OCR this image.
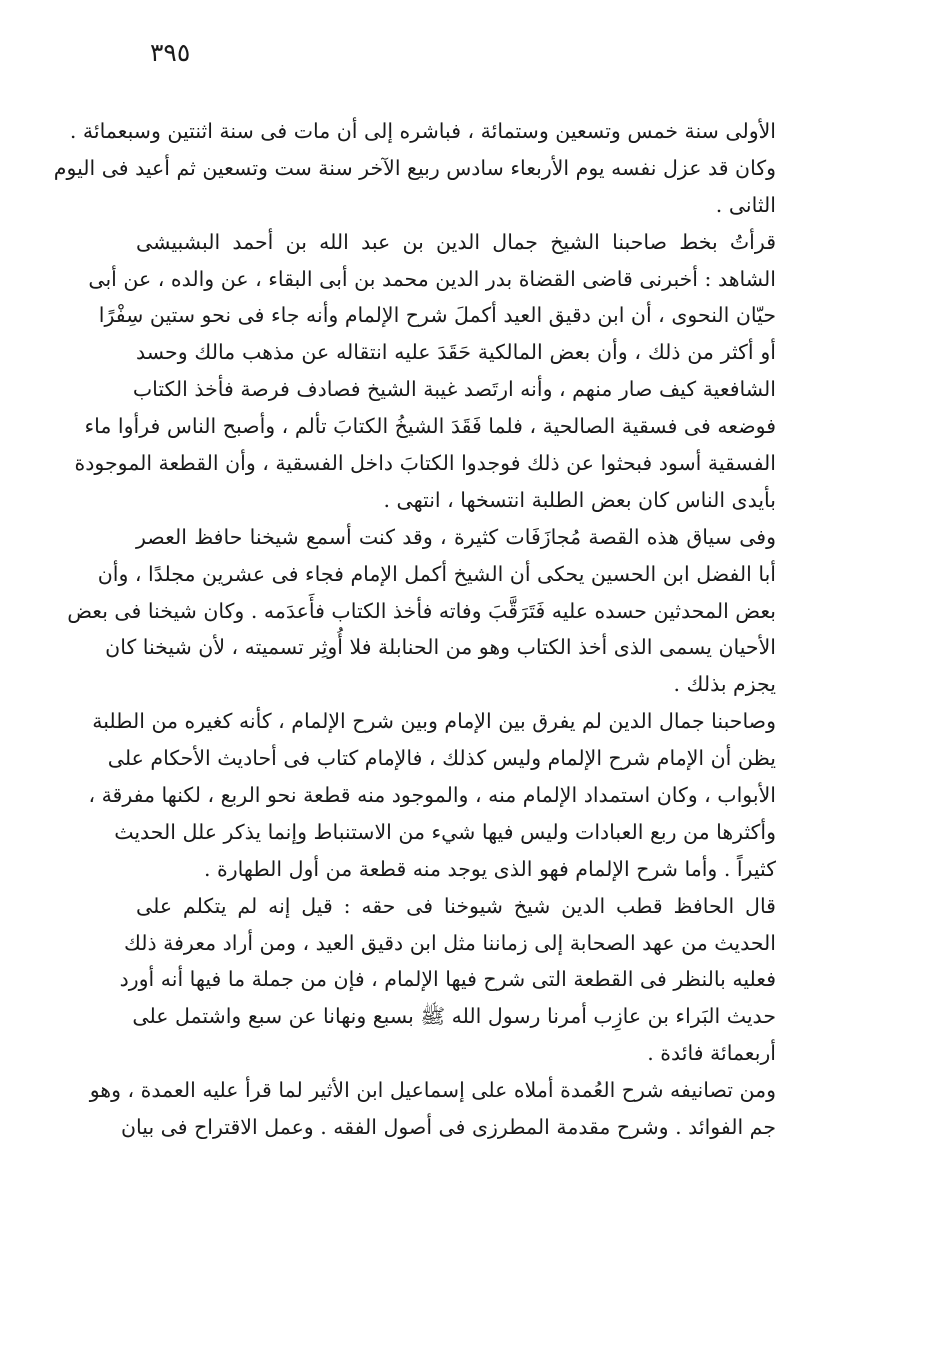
٣٩٥
الأولى سنة خمس وتسعين وستمائة ، فباشره إلى أن مات فى سنة اثنتين وسبعمائة .
وكان قد عزل نفسه يوم الأربعاء سادس ربيع الآخر سنة ست وتسعين ثم أعيد فى اليوم
الثانى .
قرأتُ بخط صاحبنا الشيخ جمال الدين بن عبد الله بن أحمد البشبيشى
الشاهد : أخبرنى قاضى القضاة بدر الدين محمد بن أبى البقاء ، عن والده ، عن أبى
حيّان النحوى ، أن ابن دقيق العيد أكملَ شرح الإلمام وأنه جاء فى نحو ستين سِفْرًا
أو أكثر من ذلك ، وأن بعض المالكية حَقَدَ عليه انتقاله عن مذهب مالك وحسد
الشافعية كيف صار منهم ، وأنه ارتَصد غيبة الشيخ فصادف فرصة فأخذ الكتاب
فوضعه فى فسقية الصالحية ، فلما فَقَدَ الشيخُ الكتابَ تألم ، وأصبح الناس فرأوا ماء
الفسقية أسود فبحثوا عن ذلك فوجدوا الكتابَ داخل الفسقية ، وأن القطعة الموجودة
بأيدى الناس كان بعض الطلبة انتسخها ، انتهى .
وفى سياق هذه القصة مُجازَفَات كثيرة ، وقد كنت أسمع شيخنا حافظ العصر
أبا الفضل ابن الحسين يحكى أن الشيخ أكمل الإمام فجاء فى عشرين مجلدًا ، وأن
بعض المحدثين حسده عليه فَتَرَقَّبَ وفاته فأخذ الكتاب فأَعدَمه . وكان شيخنا فى بعض
الأحيان يسمى الذى أخذ الكتاب وهو من الحنابلة فلا أُوثِر تسميته ، لأن شيخنا كان
يجزم بذلك .
وصاحبنا جمال الدين لم يفرق بين الإمام وبين شرح الإلمام ، كأنه كغيره من الطلبة
يظن أن الإمام شرح الإلمام وليس كذلك ، فالإمام كتاب فى أحاديث الأحكام على
الأبواب ، وكان استمداد الإلمام منه ، والموجود منه قطعة نحو الربع ، لكنها مفرقة ،
وأكثرها من ربع العبادات وليس فيها شيء من الاستنباط وإنما يذكر علل الحديث
كثيراً . وأما شرح الإلمام فهو الذى يوجد منه قطعة من أول الطهارة .
قال الحافظ قطب الدين شيخ شيوخنا فى حقه : قيل إنه لم يتكلم على
الحديث من عهد الصحابة إلى زماننا مثل ابن دقيق العيد ، ومن أراد معرفة ذلك
فعليه بالنظر فى القطعة التى شرح فيها الإلمام ، فإن من جملة ما فيها أنه أورد
حديث البَراء بن عازِب أمرنا رسول الله ﷺ بسبع ونهانا عن سبع واشتمل على
أربعمائة فائدة .
ومن تصانيفه شرح العُمدة أملاه على إسماعيل ابن الأثير لما قرأ عليه العمدة ، وهو
جم الفوائد . وشرح مقدمة المطرزى فى أصول الفقه . وعمل الاقتراح فى بيان
